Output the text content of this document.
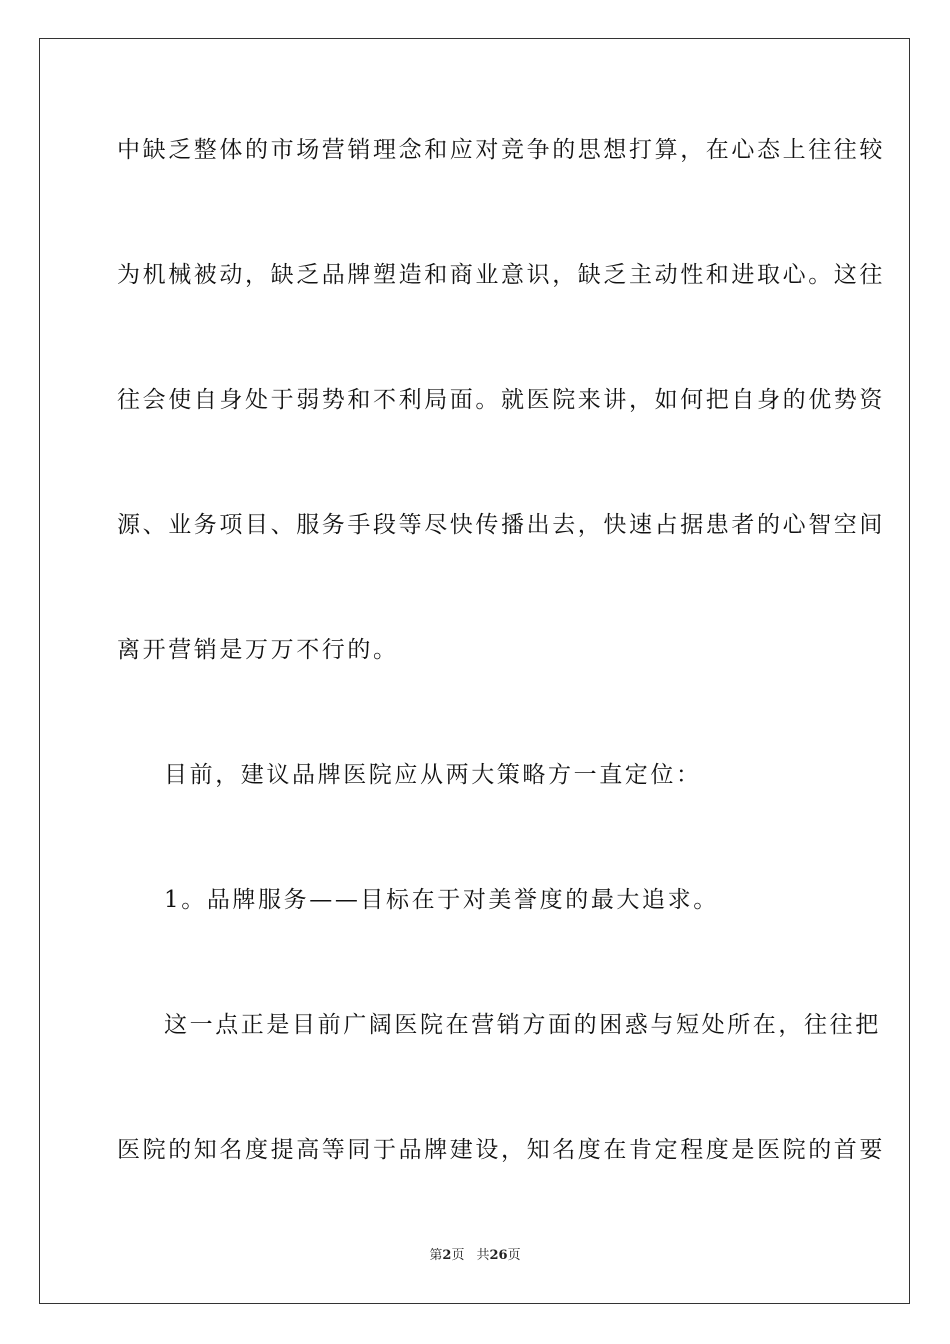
中缺乏整体的市场营销理念和应对竞争的思想打算，在心态上往往较
为机械被动，缺乏品牌塑造和商业意识，缺乏主动性和进取心。这往
往会使自身处于弱势和不利局面。就医院来讲，如何把自身的优势资
源、业务项目、服务手段等尽快传播出去，快速占据患者的心智空间
离开营销是万万不行的。
目前，建议品牌医院应从两大策略方一直定位：
1。品牌服务——目标在于对美誉度的最大追求。
这一点正是目前广阔医院在营销方面的困惑与短处所在，往往把
医院的知名度提高等同于品牌建设，知名度在肯定程度是医院的首要
第2页 共26页
